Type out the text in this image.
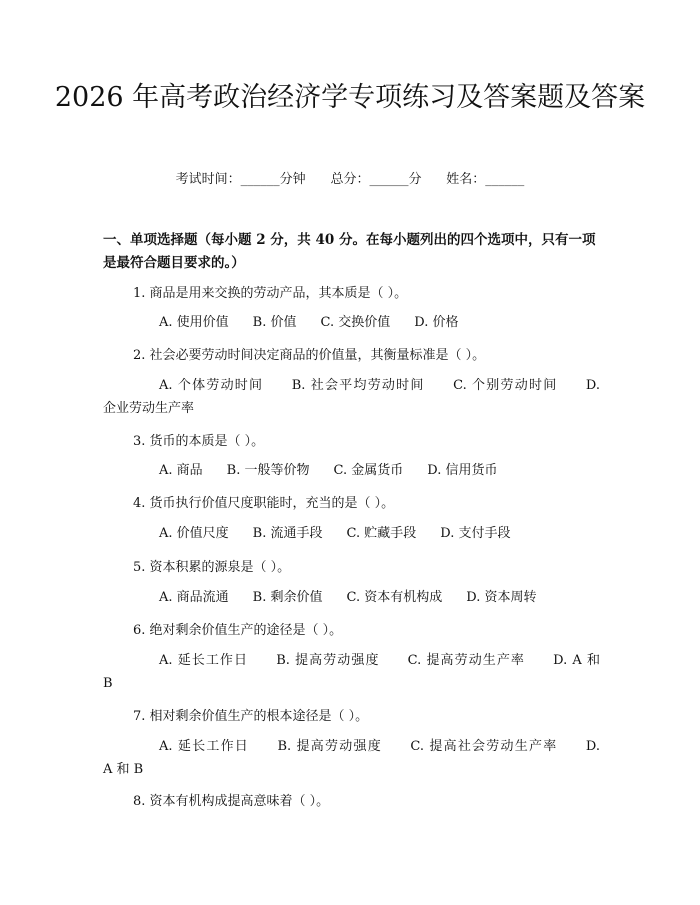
2026 年高考政治经济学专项练习及答案题及答案
考试时间：______分钟 总分：______分 姓名：______
一、单项选择题（每小题 2 分，共 40 分。在每小题列出的四个选项中，只有一项是最符合题目要求的。）
1. 商品是用来交换的劳动产品，其本质是（ ）。
A. 使用价值 B. 价值 C. 交换价值 D. 价格
2. 社会必要劳动时间决定商品的价值量，其衡量标准是（ ）。
A. 个体劳动时间　　B. 社会平均劳动时间　　C. 个别劳动时间　　D.
企业劳动生产率
3. 货币的本质是（ ）。
A. 商品 B. 一般等价物 C. 金属货币 D. 信用货币
4. 货币执行价值尺度职能时，充当的是（ ）。
A. 价值尺度 B. 流通手段 C. 贮藏手段 D. 支付手段
5. 资本积累的源泉是（ ）。
A. 商品流通 B. 剩余价值 C. 资本有机构成 D. 资本周转
6. 绝对剩余价值生产的途径是（ ）。
A. 延长工作日　　B. 提高劳动强度　　C. 提高劳动生产率　　D. A 和
B
7. 相对剩余价值生产的根本途径是（ ）。
A. 延长工作日　　B. 提高劳动强度　　C. 提高社会劳动生产率　　D.
A 和 B
8. 资本有机构成提高意味着（ ）。
